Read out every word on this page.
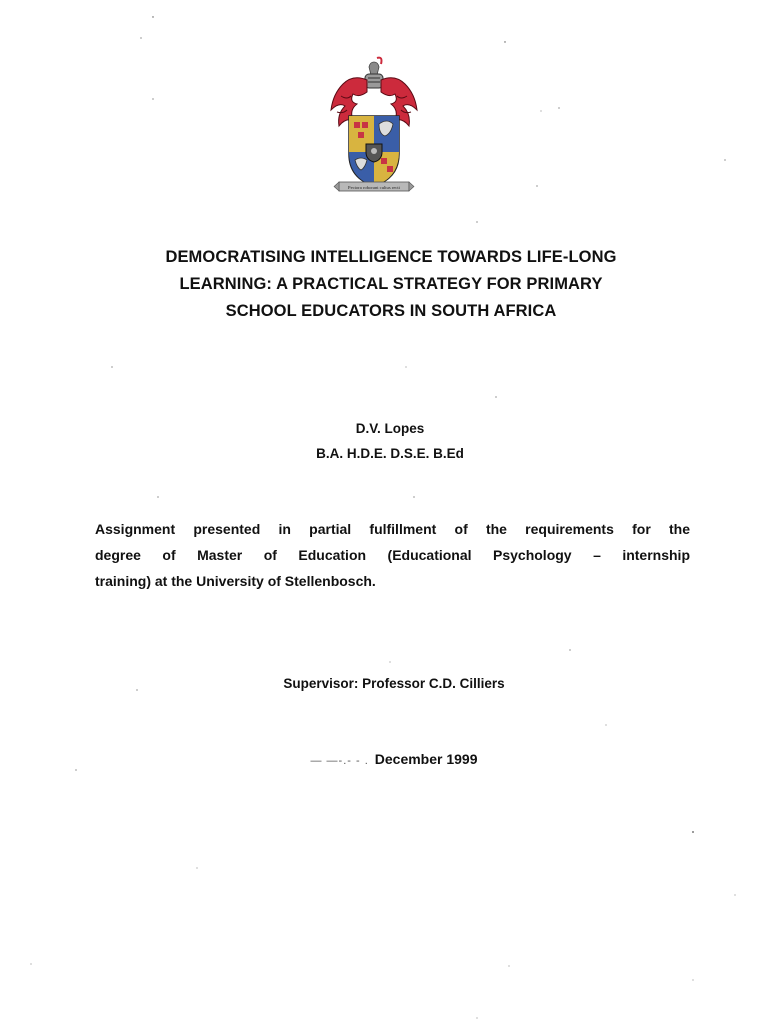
Pectora roborant cultus recti
DEMOCRATISING INTELLIGENCE TOWARDS LIFE-LONG
LEARNING: A PRACTICAL STRATEGY FOR PRIMARY
SCHOOL EDUCATORS IN SOUTH AFRICA
D.V. Lopes
B.A. H.D.E. D.S.E. B.Ed
Assignment presented in partial fulfillment of the requirements for the
degree of Master of Education (Educational Psychology – internship
training) at the University of Stellenbosch.
Supervisor: Professor C.D. Cilliers
— —-.- - . December 1999
